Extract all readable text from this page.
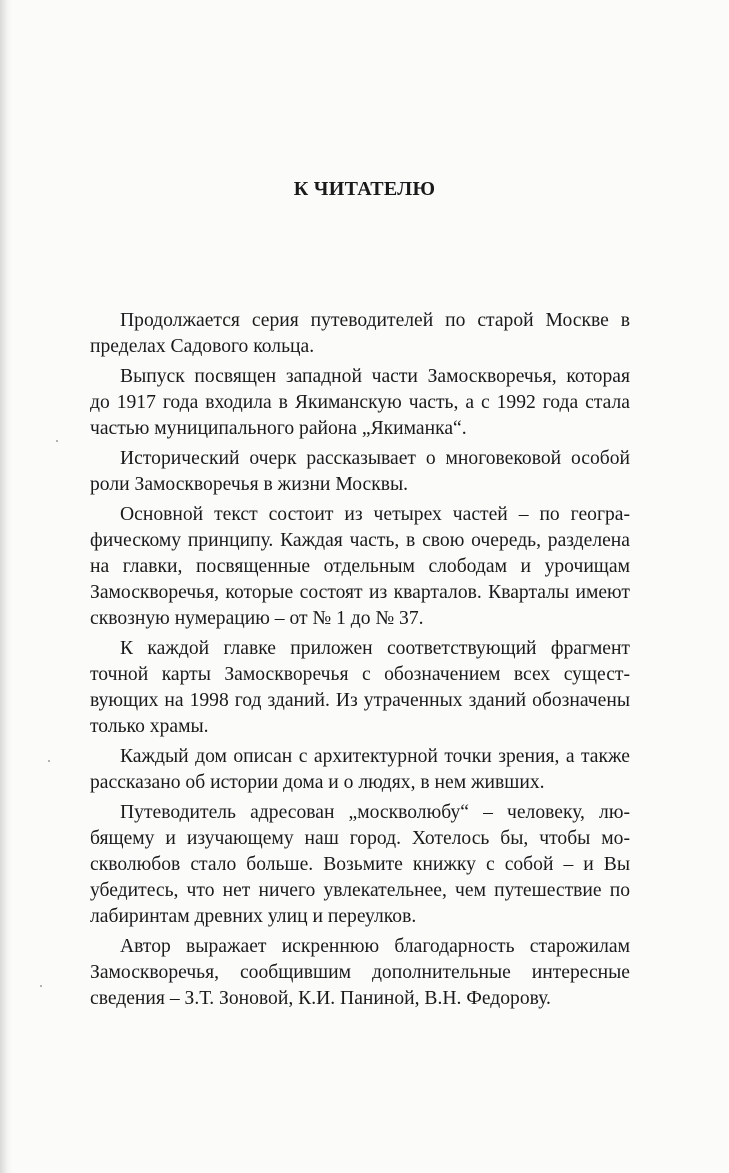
К ЧИТАТЕЛЮ

Продолжается серия путеводителей по старой Москве в пределах Садового кольца.

Выпуск посвящен западной части Замоскворечья, которая до 1917 года входила в Якиманскую часть, а с 1992 года стала частью муниципального района „Якиманка“.

Исторический очерк рассказывает о многовековой особой роли Замоскворечья в жизни Москвы.

Основной текст состоит из четырех частей – по географическому принципу. Каждая часть, в свою очередь, разделена на главки, посвященные отдельным слободам и урочищам Замоскворечья, которые состоят из кварталов. Кварталы имеют сквозную нумерацию – от № 1 до № 37.

К каждой главке приложен соответствующий фрагмент точной карты Замоскворечья с обозначением всех существующих на 1998 год зданий. Из утраченных зданий обозначены только храмы.

Каждый дом описан с архитектурной точки зрения, а также рассказано об истории дома и о людях, в нем живших.

Путеводитель адресован „москволюбу“ – человеку, любящему и изучающему наш город. Хотелось бы, чтобы москволюбов стало больше. Возьмите книжку с собой – и Вы убедитесь, что нет ничего увлекательнее, чем путешествие по лабиринтам древних улиц и переулков.

Автор выражает искреннюю благодарность старожилам Замоскворечья, сообщившим дополнительные интересные сведения – З.Т. Зоновой, К.И. Паниной, В.Н. Федорову.
